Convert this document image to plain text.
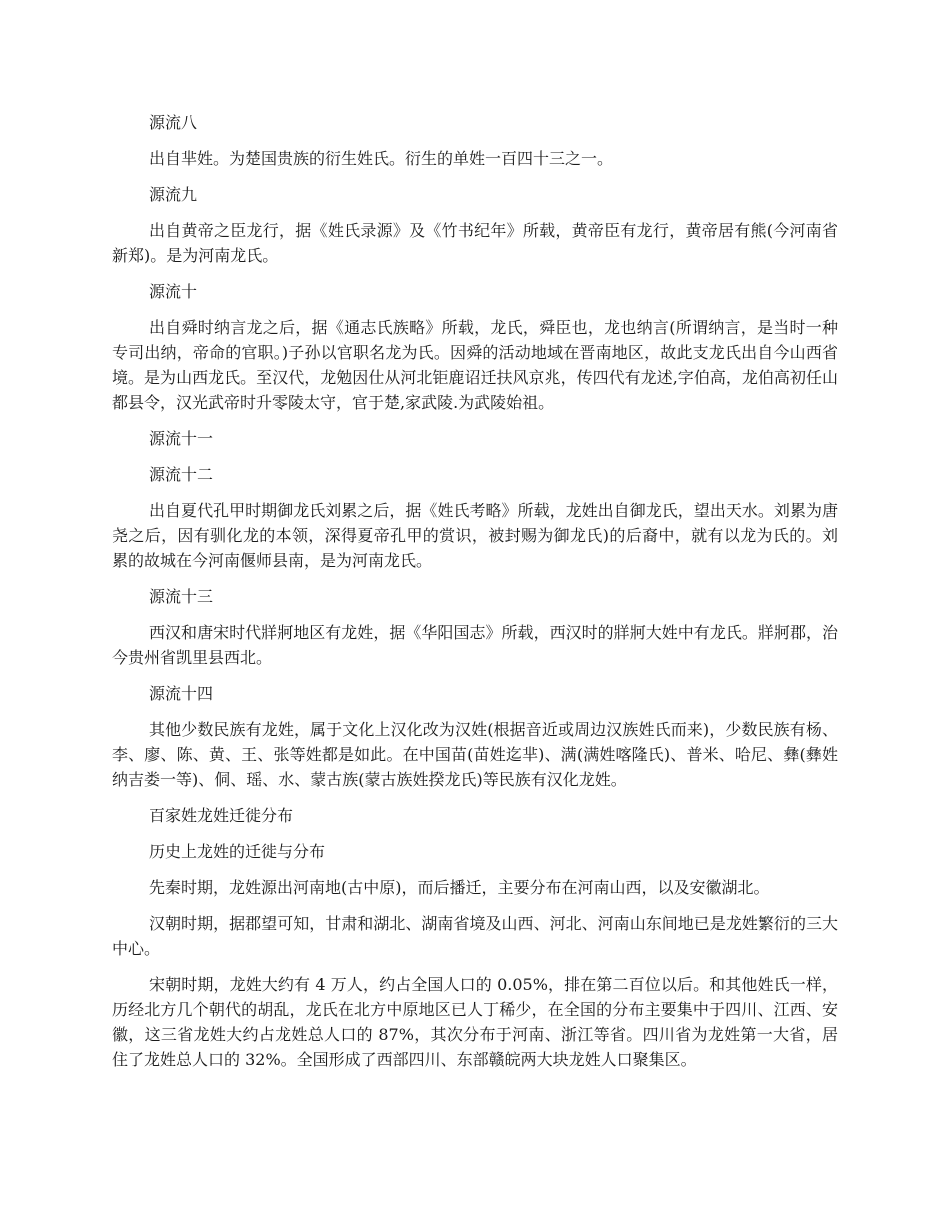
源流八

出自芈姓。为楚国贵族的衍生姓氏。衍生的单姓一百四十三之一。

源流九

出自黄帝之臣龙行，据《姓氏录源》及《竹书纪年》所载，黄帝臣有龙行，黄帝居有熊(今河南省新郑)。是为河南龙氏。

源流十

出自舜时纳言龙之后，据《通志氏族略》所载，龙氏，舜臣也，龙也纳言(所谓纳言，是当时一种专司出纳，帝命的官职。)子孙以官职名龙为氏。因舜的活动地域在晋南地区，故此支龙氏出自今山西省境。是为山西龙氏。至汉代，龙勉因仕从河北钜鹿诏迁扶风京兆，传四代有龙述,字伯高，龙伯高初任山都县令，汉光武帝时升零陵太守，官于楚,家武陵.为武陵始祖。

源流十一

源流十二

出自夏代孔甲时期御龙氏刘累之后，据《姓氏考略》所载，龙姓出自御龙氏，望出天水。刘累为唐尧之后，因有驯化龙的本领，深得夏帝孔甲的赏识，被封赐为御龙氏)的后裔中，就有以龙为氏的。刘累的故城在今河南偃师县南，是为河南龙氏。

源流十三

西汉和唐宋时代牂牁地区有龙姓，据《华阳国志》所载，西汉时的牂牁大姓中有龙氏。牂牁郡，治今贵州省凯里县西北。

源流十四

其他少数民族有龙姓，属于文化上汉化改为汉姓(根据音近或周边汉族姓氏而来)，少数民族有杨、李、廖、陈、黄、王、张等姓都是如此。在中国苗(苗姓迄芈)、满(满姓喀隆氏)、普米、哈尼、彝(彝姓纳吉娄一等)、侗、瑶、水、蒙古族(蒙古族姓揆龙氏)等民族有汉化龙姓。

百家姓龙姓迁徙分布

历史上龙姓的迁徙与分布

先秦时期，龙姓源出河南地(古中原)，而后播迁，主要分布在河南山西，以及安徽湖北。

汉朝时期，据郡望可知，甘肃和湖北、湖南省境及山西、河北、河南山东间地已是龙姓繁衍的三大中心。

宋朝时期，龙姓大约有 4 万人，约占全国人口的 0.05%，排在第二百位以后。和其他姓氏一样，历经北方几个朝代的胡乱，龙氏在北方中原地区已人丁稀少，在全国的分布主要集中于四川、江西、安徽，这三省龙姓大约占龙姓总人口的 87%，其次分布于河南、浙江等省。四川省为龙姓第一大省，居住了龙姓总人口的 32%。全国形成了西部四川、东部赣皖两大块龙姓人口聚集区。
